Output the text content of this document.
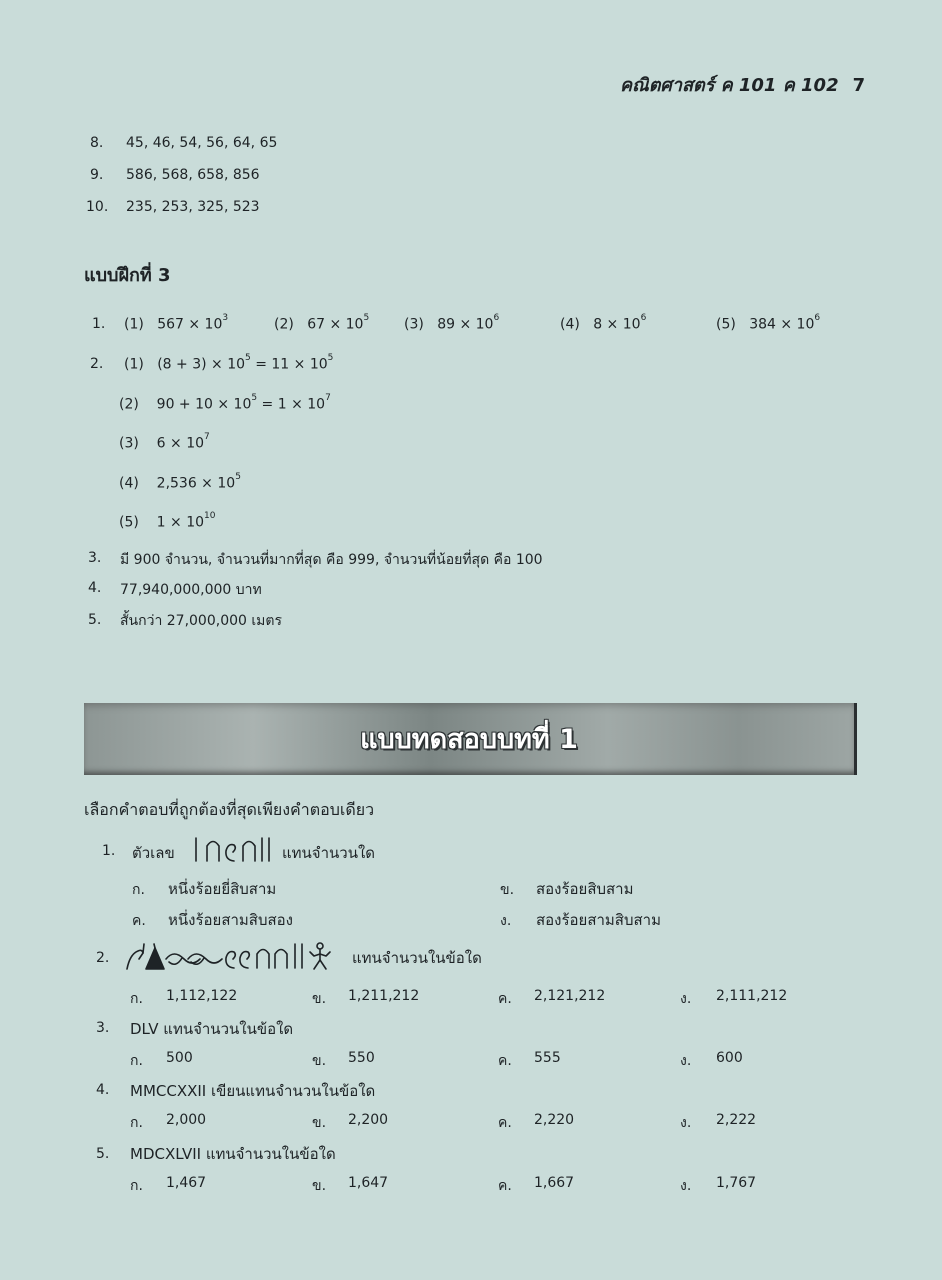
คณิตศาสตร์ ค 101 ค 102 7
8. 45, 46, 54, 56, 64, 65
9. 586, 568, 658, 856
10. 235, 253, 325, 523
แบบฝึกที่ 3
1. (1) $567 \times 10^3$	(2) $67 \times 10^5$ (3) $89 \times 10^6$	(4) $8 \times 10^6$	(5) $384 \times 10^6$
2. (1) $(8 + 3) \times 10^5 = 11 \times 10^5$
(2) $90 + 10 \times 10^5 = 1 \times 10^7$
(3) $6 \times 10^7$
(4) $2,536 \times 10^5$
(5) $1 \times 10^{10}$
3. มี 900 จำนวน, จำนวนที่มากที่สุด คือ 999, จำนวนที่น้อยที่สุด คือ 100
4. 77,940,000,000 บาท
5. สั้นกว่า 27,000,000 เมตร
แบบทดสอบบทที่ 1
เลือกคำตอบที่ถูกต้องที่สุดเพียงคำตอบเดียว
1. ตัวเลข	แทนจำนวนใด
ก. หนึ่งร้อยยี่สิบสาม	ข. สองร้อยสิบสาม
ค. หนึ่งร้อยสามสิบสอง	ง. สองร้อยสามสิบสาม
2.	แทนจำนวนในข้อใด
ก. 1,112,122	ข. 1,211,212	ค. 2,121,212	ง. 2,111,212
3. DLV แทนจำนวนในข้อใด
ก. 500	ข. 550	ค. 555	ง. 600
4. MMCCXXII เขียนแทนจำนวนในข้อใด
ก. 2,000	ข. 2,200	ค. 2,220	ง. 2,222
5. MDCXLVII แทนจำนวนในข้อใด
ก. 1,467	ข. 1,647	ค. 1,667	ง. 1,767
